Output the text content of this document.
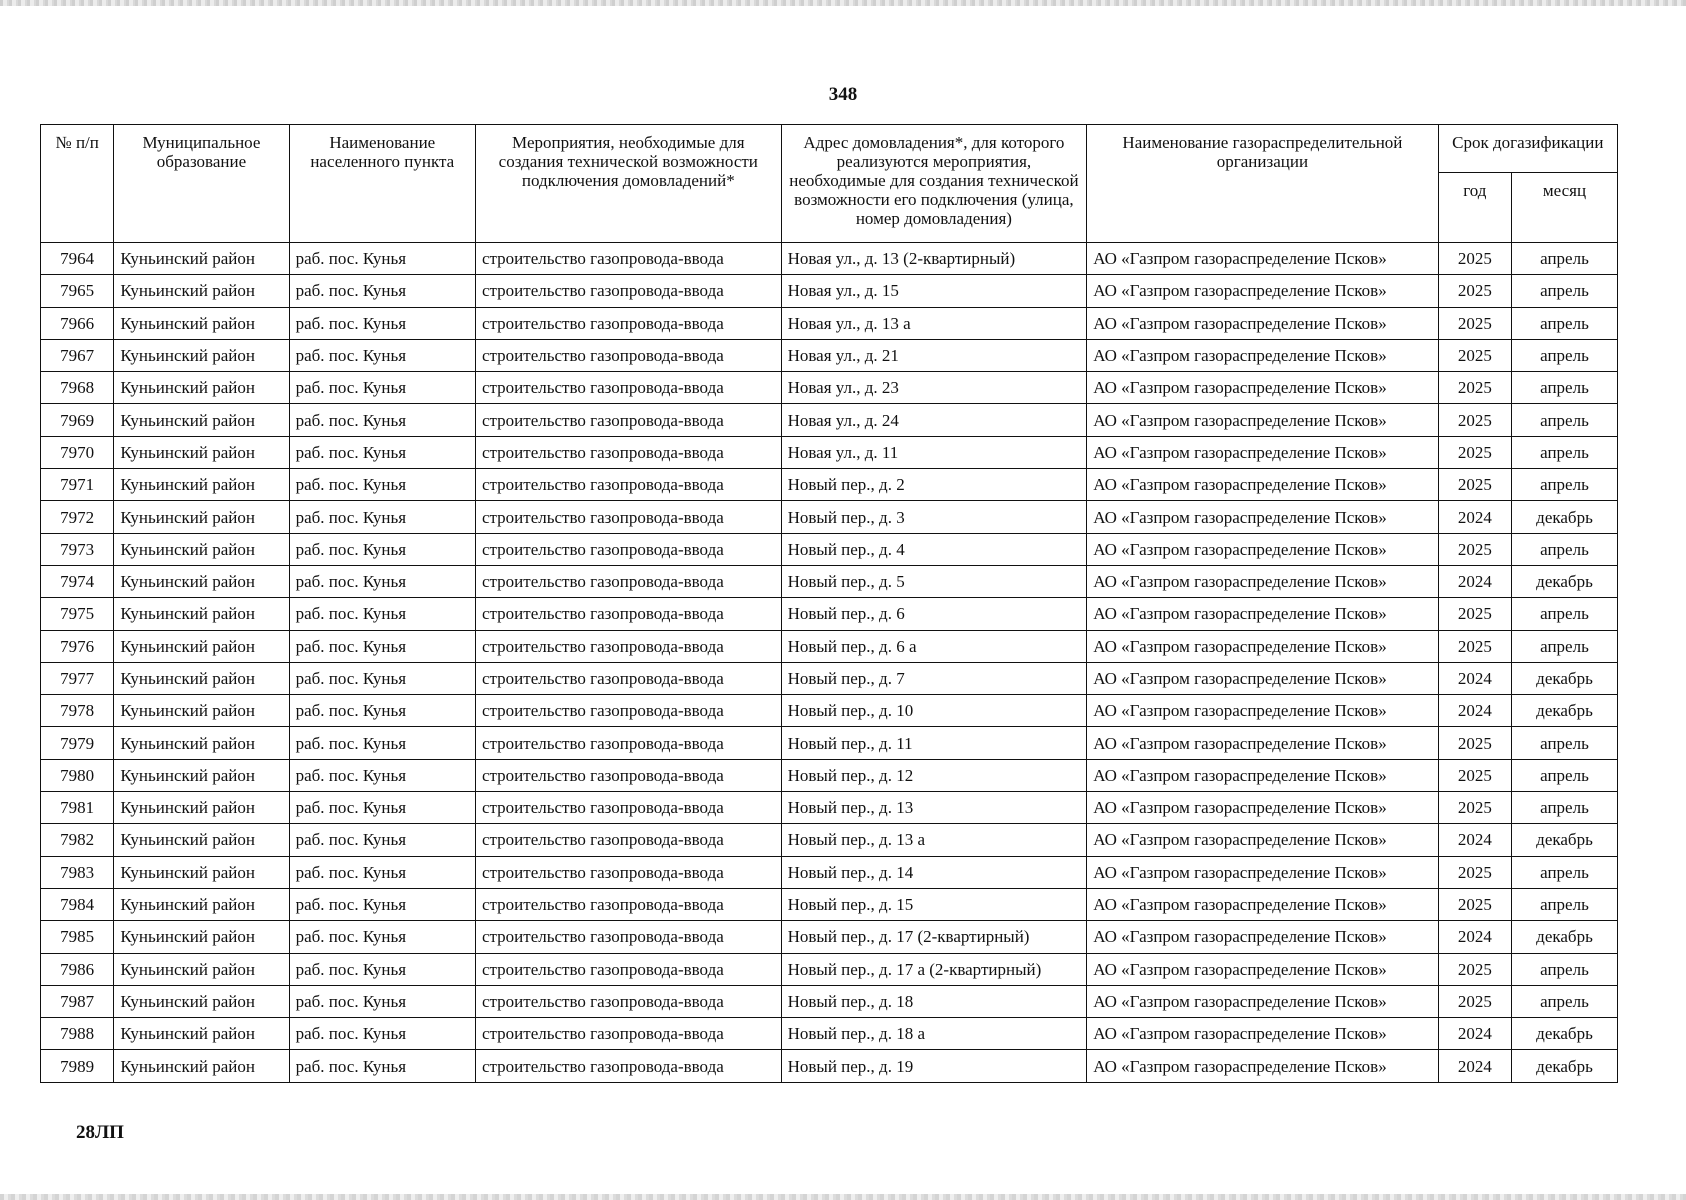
348
№ п/п	Муниципальное образование	Наименование населенного пункта	Мероприятия, необходимые для создания технической возможности подключения домовладений*	Адрес домовладения*, для которого реализуются мероприятия, необходимые для создания технической возможности его подключения (улица, номер домовладения)	Наименование газораспределительной организации	Срок догазификации	
						год	месяц
7964	Куньинский район	раб. пос. Кунья	строительство газопровода-ввода	Новая ул., д. 13 (2-квартирный)	АО «Газпром газораспределение Псков»	2025	апрель
7965	Куньинский район	раб. пос. Кунья	строительство газопровода-ввода	Новая ул., д. 15	АО «Газпром газораспределение Псков»	2025	апрель
7966	Куньинский район	раб. пос. Кунья	строительство газопровода-ввода	Новая ул., д. 13 а	АО «Газпром газораспределение Псков»	2025	апрель
7967	Куньинский район	раб. пос. Кунья	строительство газопровода-ввода	Новая ул., д. 21	АО «Газпром газораспределение Псков»	2025	апрель
7968	Куньинский район	раб. пос. Кунья	строительство газопровода-ввода	Новая ул., д. 23	АО «Газпром газораспределение Псков»	2025	апрель
7969	Куньинский район	раб. пос. Кунья	строительство газопровода-ввода	Новая ул., д. 24	АО «Газпром газораспределение Псков»	2025	апрель
7970	Куньинский район	раб. пос. Кунья	строительство газопровода-ввода	Новая ул., д. 11	АО «Газпром газораспределение Псков»	2025	апрель
7971	Куньинский район	раб. пос. Кунья	строительство газопровода-ввода	Новый пер., д. 2	АО «Газпром газораспределение Псков»	2025	апрель
7972	Куньинский район	раб. пос. Кунья	строительство газопровода-ввода	Новый пер., д. 3	АО «Газпром газораспределение Псков»	2024	декабрь
7973	Куньинский район	раб. пос. Кунья	строительство газопровода-ввода	Новый пер., д. 4	АО «Газпром газораспределение Псков»	2025	апрель
7974	Куньинский район	раб. пос. Кунья	строительство газопровода-ввода	Новый пер., д. 5	АО «Газпром газораспределение Псков»	2024	декабрь
7975	Куньинский район	раб. пос. Кунья	строительство газопровода-ввода	Новый пер., д. 6	АО «Газпром газораспределение Псков»	2025	апрель
7976	Куньинский район	раб. пос. Кунья	строительство газопровода-ввода	Новый пер., д. 6 а	АО «Газпром газораспределение Псков»	2025	апрель
7977	Куньинский район	раб. пос. Кунья	строительство газопровода-ввода	Новый пер., д. 7	АО «Газпром газораспределение Псков»	2024	декабрь
7978	Куньинский район	раб. пос. Кунья	строительство газопровода-ввода	Новый пер., д. 10	АО «Газпром газораспределение Псков»	2024	декабрь
7979	Куньинский район	раб. пос. Кунья	строительство газопровода-ввода	Новый пер., д. 11	АО «Газпром газораспределение Псков»	2025	апрель
7980	Куньинский район	раб. пос. Кунья	строительство газопровода-ввода	Новый пер., д. 12	АО «Газпром газораспределение Псков»	2025	апрель
7981	Куньинский район	раб. пос. Кунья	строительство газопровода-ввода	Новый пер., д. 13	АО «Газпром газораспределение Псков»	2025	апрель
7982	Куньинский район	раб. пос. Кунья	строительство газопровода-ввода	Новый пер., д. 13 а	АО «Газпром газораспределение Псков»	2024	декабрь
7983	Куньинский район	раб. пос. Кунья	строительство газопровода-ввода	Новый пер., д. 14	АО «Газпром газораспределение Псков»	2025	апрель
7984	Куньинский район	раб. пос. Кунья	строительство газопровода-ввода	Новый пер., д. 15	АО «Газпром газораспределение Псков»	2025	апрель
7985	Куньинский район	раб. пос. Кунья	строительство газопровода-ввода	Новый пер., д. 17 (2-квартирный)	АО «Газпром газораспределение Псков»	2024	декабрь
7986	Куньинский район	раб. пос. Кунья	строительство газопровода-ввода	Новый пер., д. 17 а (2-квартирный)	АО «Газпром газораспределение Псков»	2025	апрель
7987	Куньинский район	раб. пос. Кунья	строительство газопровода-ввода	Новый пер., д. 18	АО «Газпром газораспределение Псков»	2025	апрель
7988	Куньинский район	раб. пос. Кунья	строительство газопровода-ввода	Новый пер., д. 18 а	АО «Газпром газораспределение Псков»	2024	декабрь
7989	Куньинский район	раб. пос. Кунья	строительство газопровода-ввода	Новый пер., д. 19	АО «Газпром газораспределение Псков»	2024	декабрь
28ЛП
